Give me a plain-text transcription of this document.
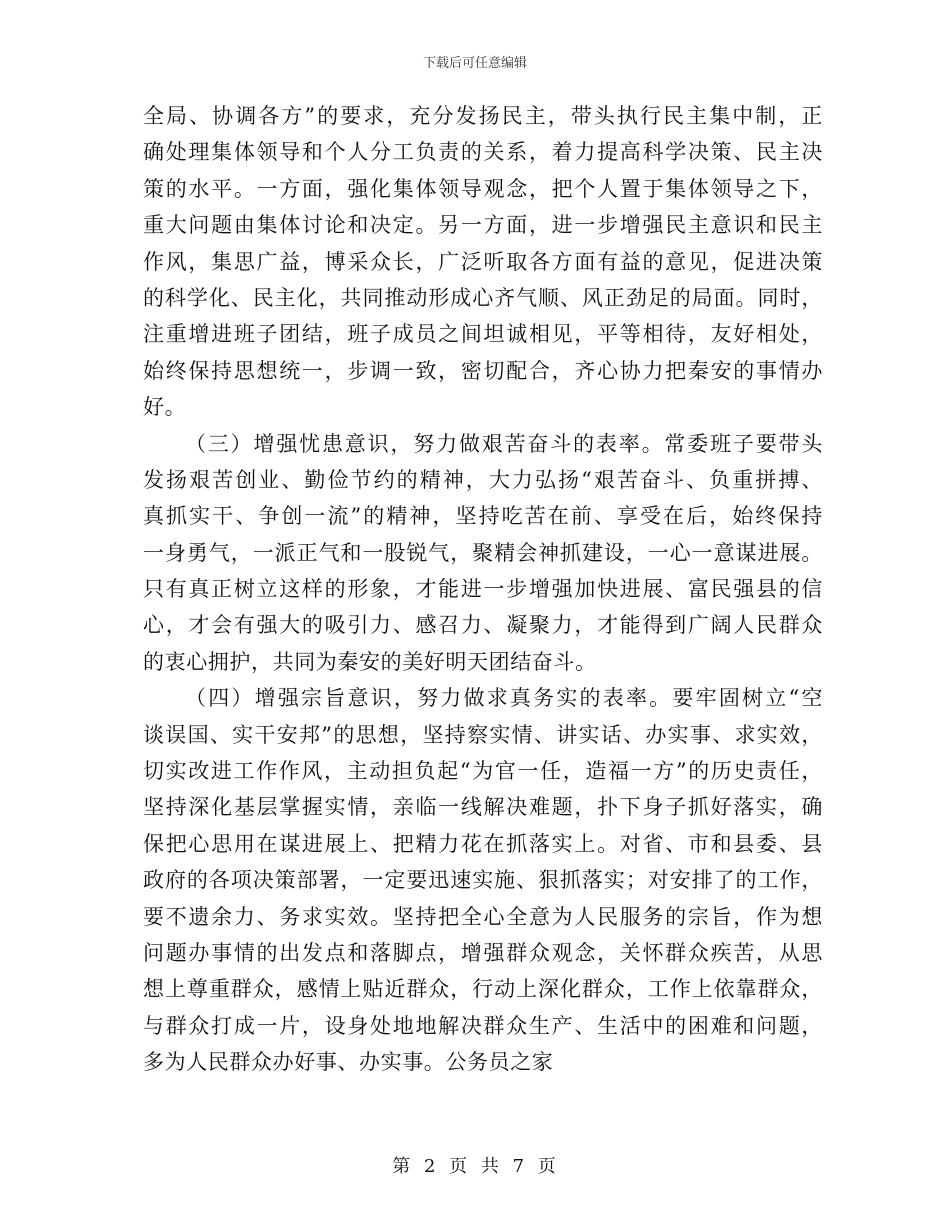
下载后可任意编辑
全局、协调各方”的要求，充分发扬民主，带头执行民主集中制，正
确处理集体领导和个人分工负责的关系，着力提高科学决策、民主决
策的水平。一方面，强化集体领导观念，把个人置于集体领导之下，
重大问题由集体讨论和决定。另一方面，进一步增强民主意识和民主
作风，集思广益，博采众长，广泛听取各方面有益的意见，促进决策
的科学化、民主化，共同推动形成心齐气顺、风正劲足的局面。同时，
注重增进班子团结，班子成员之间坦诚相见，平等相待，友好相处，
始终保持思想统一，步调一致，密切配合，齐心协力把秦安的事情办
好。
（三）增强忧患意识，努力做艰苦奋斗的表率。常委班子要带头
发扬艰苦创业、勤俭节约的精神，大力弘扬“艰苦奋斗、负重拼搏、
真抓实干、争创一流”的精神，坚持吃苦在前、享受在后，始终保持
一身勇气，一派正气和一股锐气，聚精会神抓建设，一心一意谋进展。
只有真正树立这样的形象，才能进一步增强加快进展、富民强县的信
心，才会有强大的吸引力、感召力、凝聚力，才能得到广阔人民群众
的衷心拥护，共同为秦安的美好明天团结奋斗。
（四）增强宗旨意识，努力做求真务实的表率。要牢固树立“空
谈误国、实干安邦”的思想，坚持察实情、讲实话、办实事、求实效，
切实改进工作作风，主动担负起“为官一任，造福一方”的历史责任，
坚持深化基层掌握实情，亲临一线解决难题，扑下身子抓好落实，确
保把心思用在谋进展上、把精力花在抓落实上。对省、市和县委、县
政府的各项决策部署，一定要迅速实施、狠抓落实；对安排了的工作，
要不遗余力、务求实效。坚持把全心全意为人民服务的宗旨，作为想
问题办事情的出发点和落脚点，增强群众观念，关怀群众疾苦，从思
想上尊重群众，感情上贴近群众，行动上深化群众，工作上依靠群众，
与群众打成一片，设身处地地解决群众生产、生活中的困难和问题，
多为人民群众办好事、办实事。公务员之家
第 2 页 共 7 页
